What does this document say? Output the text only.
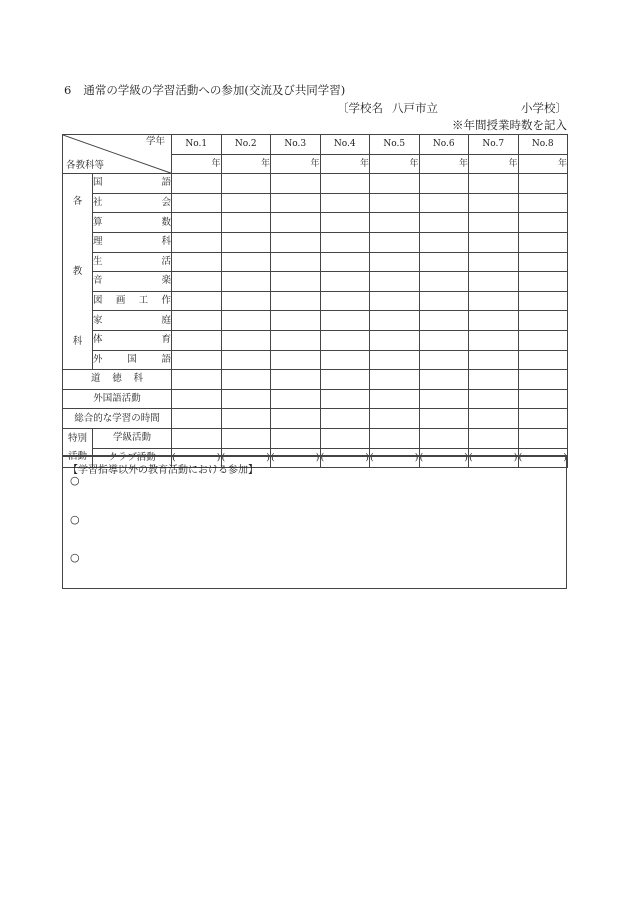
6 通常の学級の学習活動への参加(交流及び共同学習)
〔学校名 八戸市立	小学校〕
※年間授業時数を記入
学年
各教科等		No.1	No.2	No.3	No.4	No.5	No.6	No.7	No.8
		年	年	年	年	年	年	年	年

各
教
科	国 語								

	社 会								

	算 数								

	理 科								

	生 活								

	音 楽								

	図 画 工 作								

	家 庭								

	体 育								

	外 国 語								

道 徳 科									

外国語活動									
総合的な学習の時間									

特別
活動	学級活動								
	クラブ活動	( )	( )	( )	( )	( )	( )	( )	( )
【学習指導以外の教育活動における参加】
○
○
○
